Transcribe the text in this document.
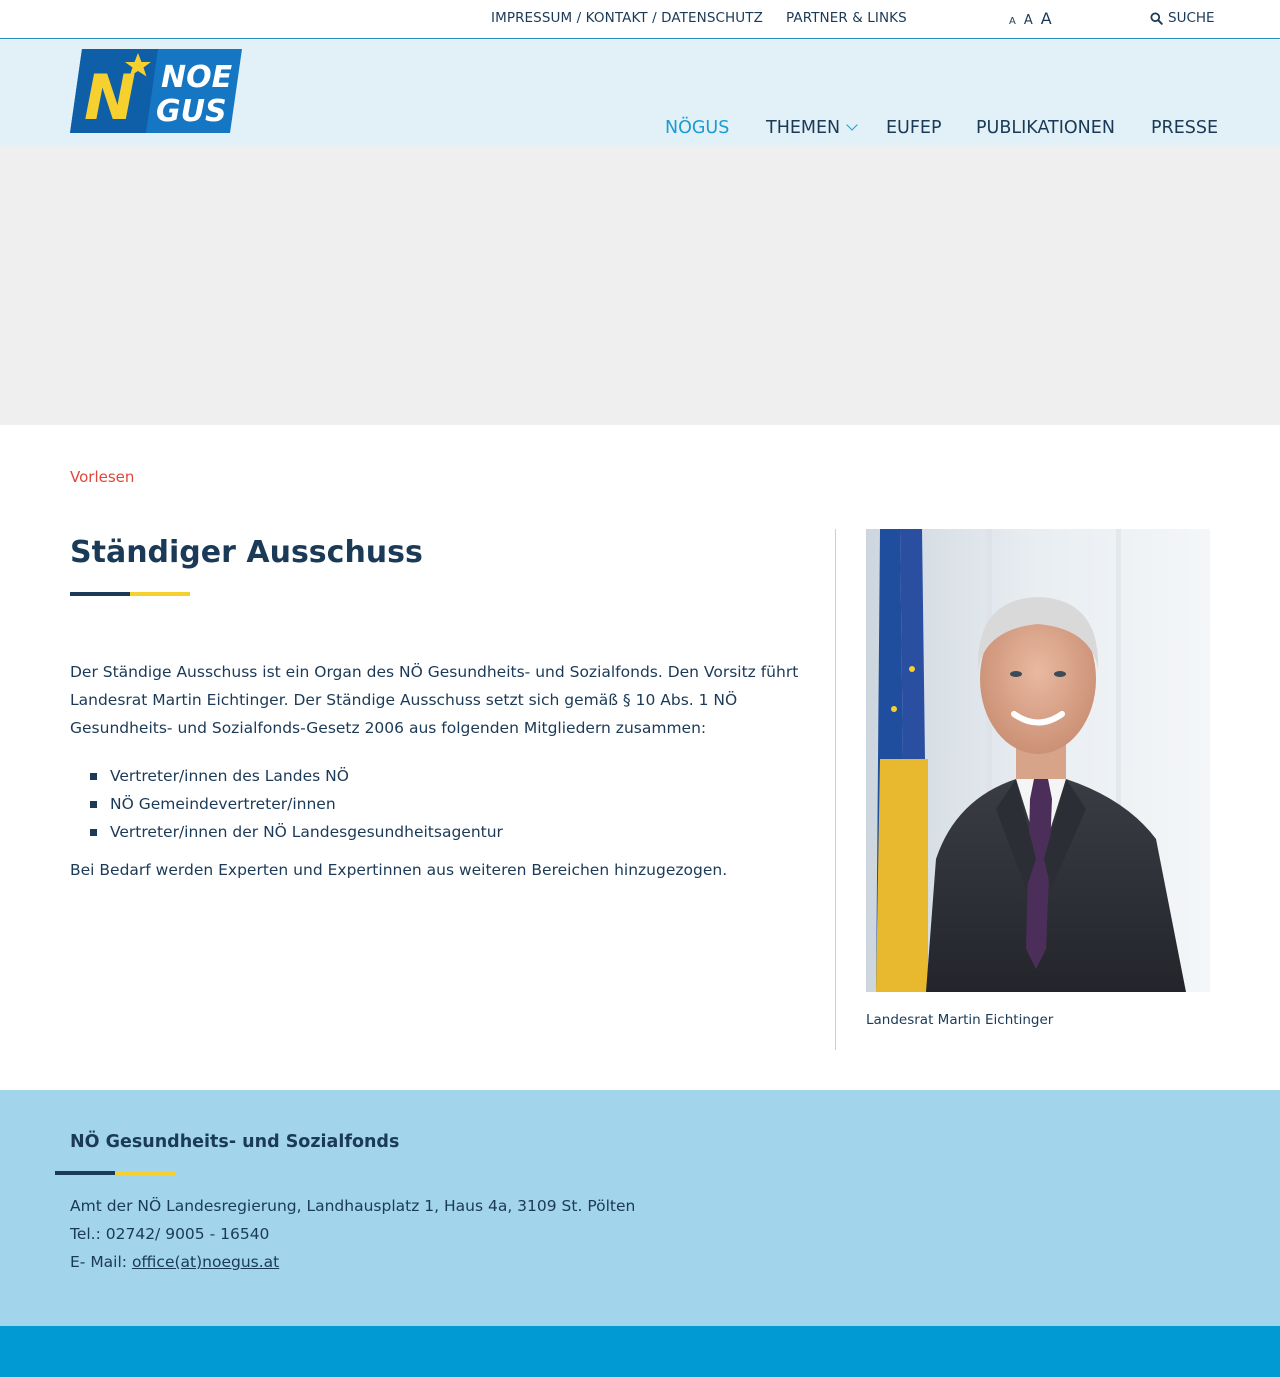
IMPRESSUM / KONTAKT / DATENSCHUTZ PARTNER & LINKS	A A A	SUCHE
N NOE
GUS	NÖGUS THEMEN	EUFEP PUBLIKATIONEN PRESSE
Vorlesen
Ständiger Ausschuss

Der Ständige Ausschuss ist ein Organ des NÖ Gesundheits- und Sozialfonds. Den Vorsitz führt Landesrat Martin Eichtinger. Der Ständige Ausschuss setzt sich gemäß § 10 Abs. 1 NÖ Gesundheits- und Sozialfonds-Gesetz 2006 aus folgenden Mitgliedern zusammen:

Vertreter/innen des Landes NÖ
NÖ Gemeindevertreter/innen
Vertreter/innen der NÖ Landesgesundheitsagentur

Bei Bedarf werden Experten und Expertinnen aus weiteren Bereichen hinzugezogen.

Landesrat Martin Eichtinger

NÖ Gesundheits- und Sozialfonds
Amt der NÖ Landesregierung, Landhausplatz 1, Haus 4a, 3109 St. Pölten
Tel.: 02742/ 9005 - 16540
E- Mail: office(at)noegus.at
